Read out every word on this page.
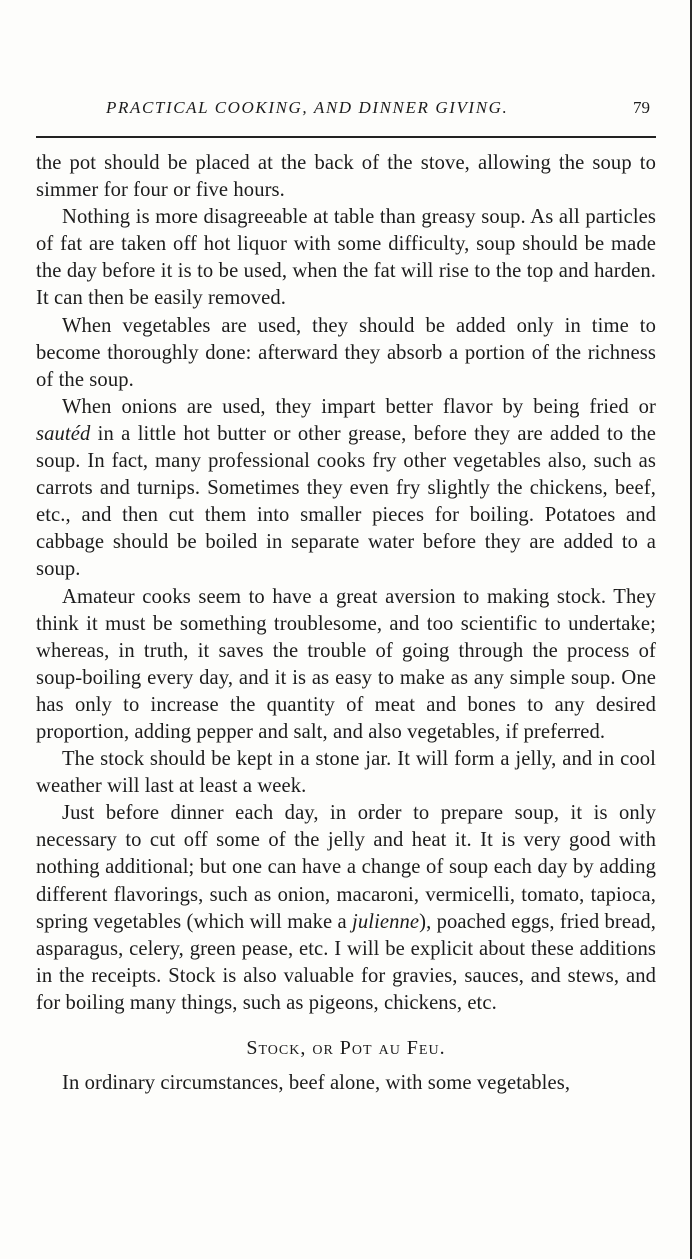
PRACTICAL COOKING, AND DINNER GIVING.	79

the pot should be placed at the back of the stove, allowing the soup to simmer for four or five hours.

Nothing is more disagreeable at table than greasy soup. As all particles of fat are taken off hot liquor with some difficulty, soup should be made the day before it is to be used, when the fat will rise to the top and harden. It can then be easily removed.

When vegetables are used, they should be added only in time to become thoroughly done: afterward they absorb a portion of the richness of the soup.

When onions are used, they impart better flavor by being fried or sautéd in a little hot butter or other grease, before they are added to the soup. In fact, many professional cooks fry other vegetables also, such as carrots and turnips. Sometimes they even fry slightly the chickens, beef, etc., and then cut them into smaller pieces for boiling. Potatoes and cabbage should be boiled in separate water before they are added to a soup.

Amateur cooks seem to have a great aversion to making stock. They think it must be something troublesome, and too scientific to undertake; whereas, in truth, it saves the trouble of going through the process of soup-boiling every day, and it is as easy to make as any simple soup. One has only to increase the quantity of meat and bones to any desired proportion, adding pepper and salt, and also vegetables, if preferred.

The stock should be kept in a stone jar. It will form a jelly, and in cool weather will last at least a week.

Just before dinner each day, in order to prepare soup, it is only necessary to cut off some of the jelly and heat it. It is very good with nothing additional; but one can have a change of soup each day by adding different flavorings, such as onion, macaroni, vermicelli, tomato, tapioca, spring vegetables (which will make a julienne), poached eggs, fried bread, asparagus, celery, green pease, etc. I will be explicit about these additions in the receipts. Stock is also valuable for gravies, sauces, and stews, and for boiling many things, such as pigeons, chickens, etc.

Stock, or Pot au Feu.

In ordinary circumstances, beef alone, with some vegetables,
